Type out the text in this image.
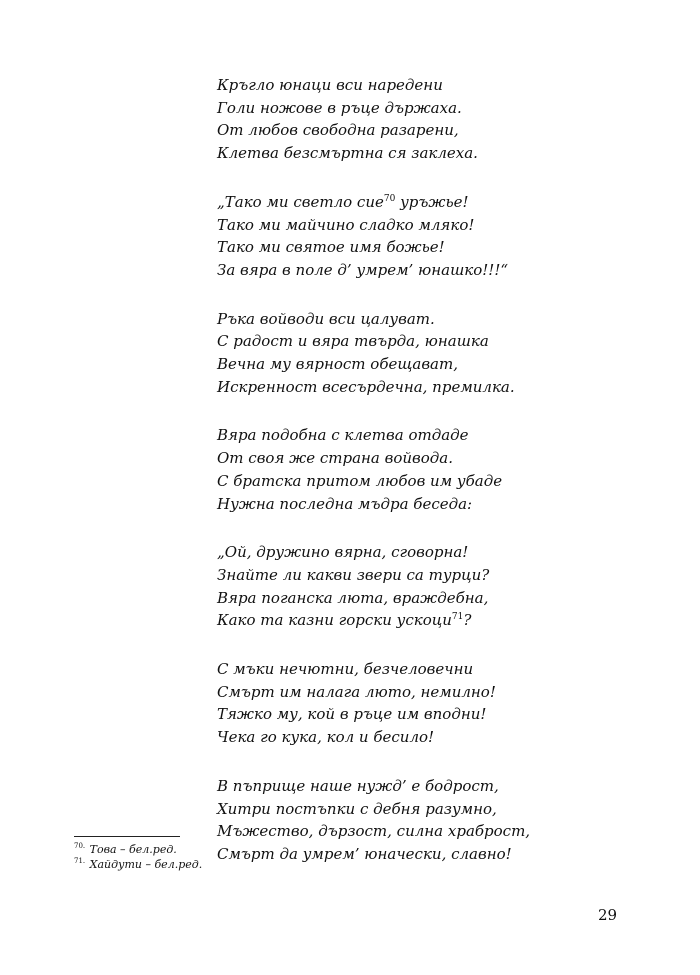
Кръгло юнаци вси наредени
Голи ножове в ръце държаха.
От любов свободна разарени,
Клетва безсмъртна ся заклеха.
„Тако ми светло сие$^{70}$ уръжье!
Тако ми майчино сладко мляко!
Тако ми святое имя божье!
За вяра в поле д’ умрем’ юнашко!!!“
Ръка войводи вси цалуват.
С радост и вяра твърда, юнашка
Вечна му вярност обещават,
Искренност всесърдечна, премилка.
Вяра подобна с клетва отдаде
От своя же страна войвода.
С братска притом любов им убаде
Нужна последна мъдра беседа:
„Ой, дружино вярна, сговорна!
Знайте ли какви звери са турци?
Вяра поганска люта, враждебна,
Како та казни горски ускоци$^{71}$?
С мъки нечютни, безчеловечни
Смърт им налага люто, немилно!
Тяжко му, кой в ръце им вподни!
Чека го кука, кол и бесило!
В пъприще наше нужд’ е бодрост,
Хитри постъпки с дебня разумно,
Мъжество, дързост, силна храброст,
Смърт да умрем’ юначески, славно!
$^{70.}$ Това – бел.ред.
$^{71.}$ Хайдути – бел.ред.
29
